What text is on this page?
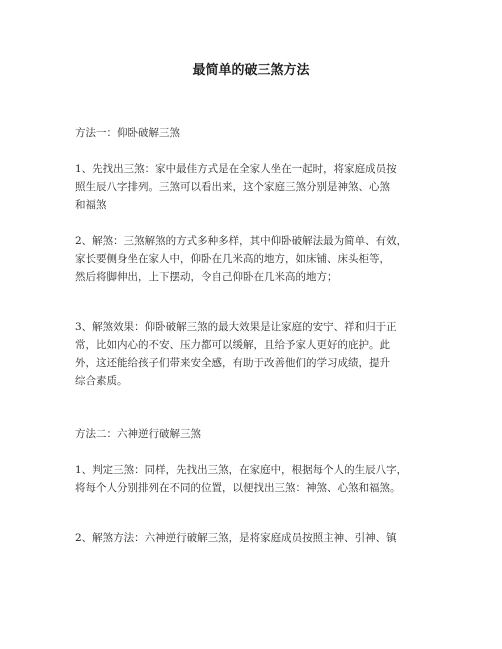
最简单的破三煞方法
方法一：仰卧破解三煞
1、先找出三煞：家中最佳方式是在全家人坐在一起时，将家庭成员按
照生辰八字排列。三煞可以看出来，这个家庭三煞分别是神煞、心煞
和福煞
2、解煞：三煞解煞的方式多种多样，其中仰卧破解法最为简单、有效，
家长要侧身坐在家人中，仰卧在几米高的地方，如床铺、床头柜等，
然后将脚伸出，上下摆动，令自己仰卧在几米高的地方；
3、解煞效果：仰卧破解三煞的最大效果是让家庭的安宁、祥和归于正
常，比如内心的不安、压力都可以缓解，且给予家人更好的庇护。此
外，这还能给孩子们带来安全感，有助于改善他们的学习成绩，提升
综合素质。
方法二：六神逆行破解三煞
1、判定三煞：同样，先找出三煞，在家庭中，根据每个人的生辰八字，
将每个人分别排列在不同的位置，以便找出三煞：神煞、心煞和福煞。
2、解煞方法：六神逆行破解三煞，是将家庭成员按照主神、引神、镇
